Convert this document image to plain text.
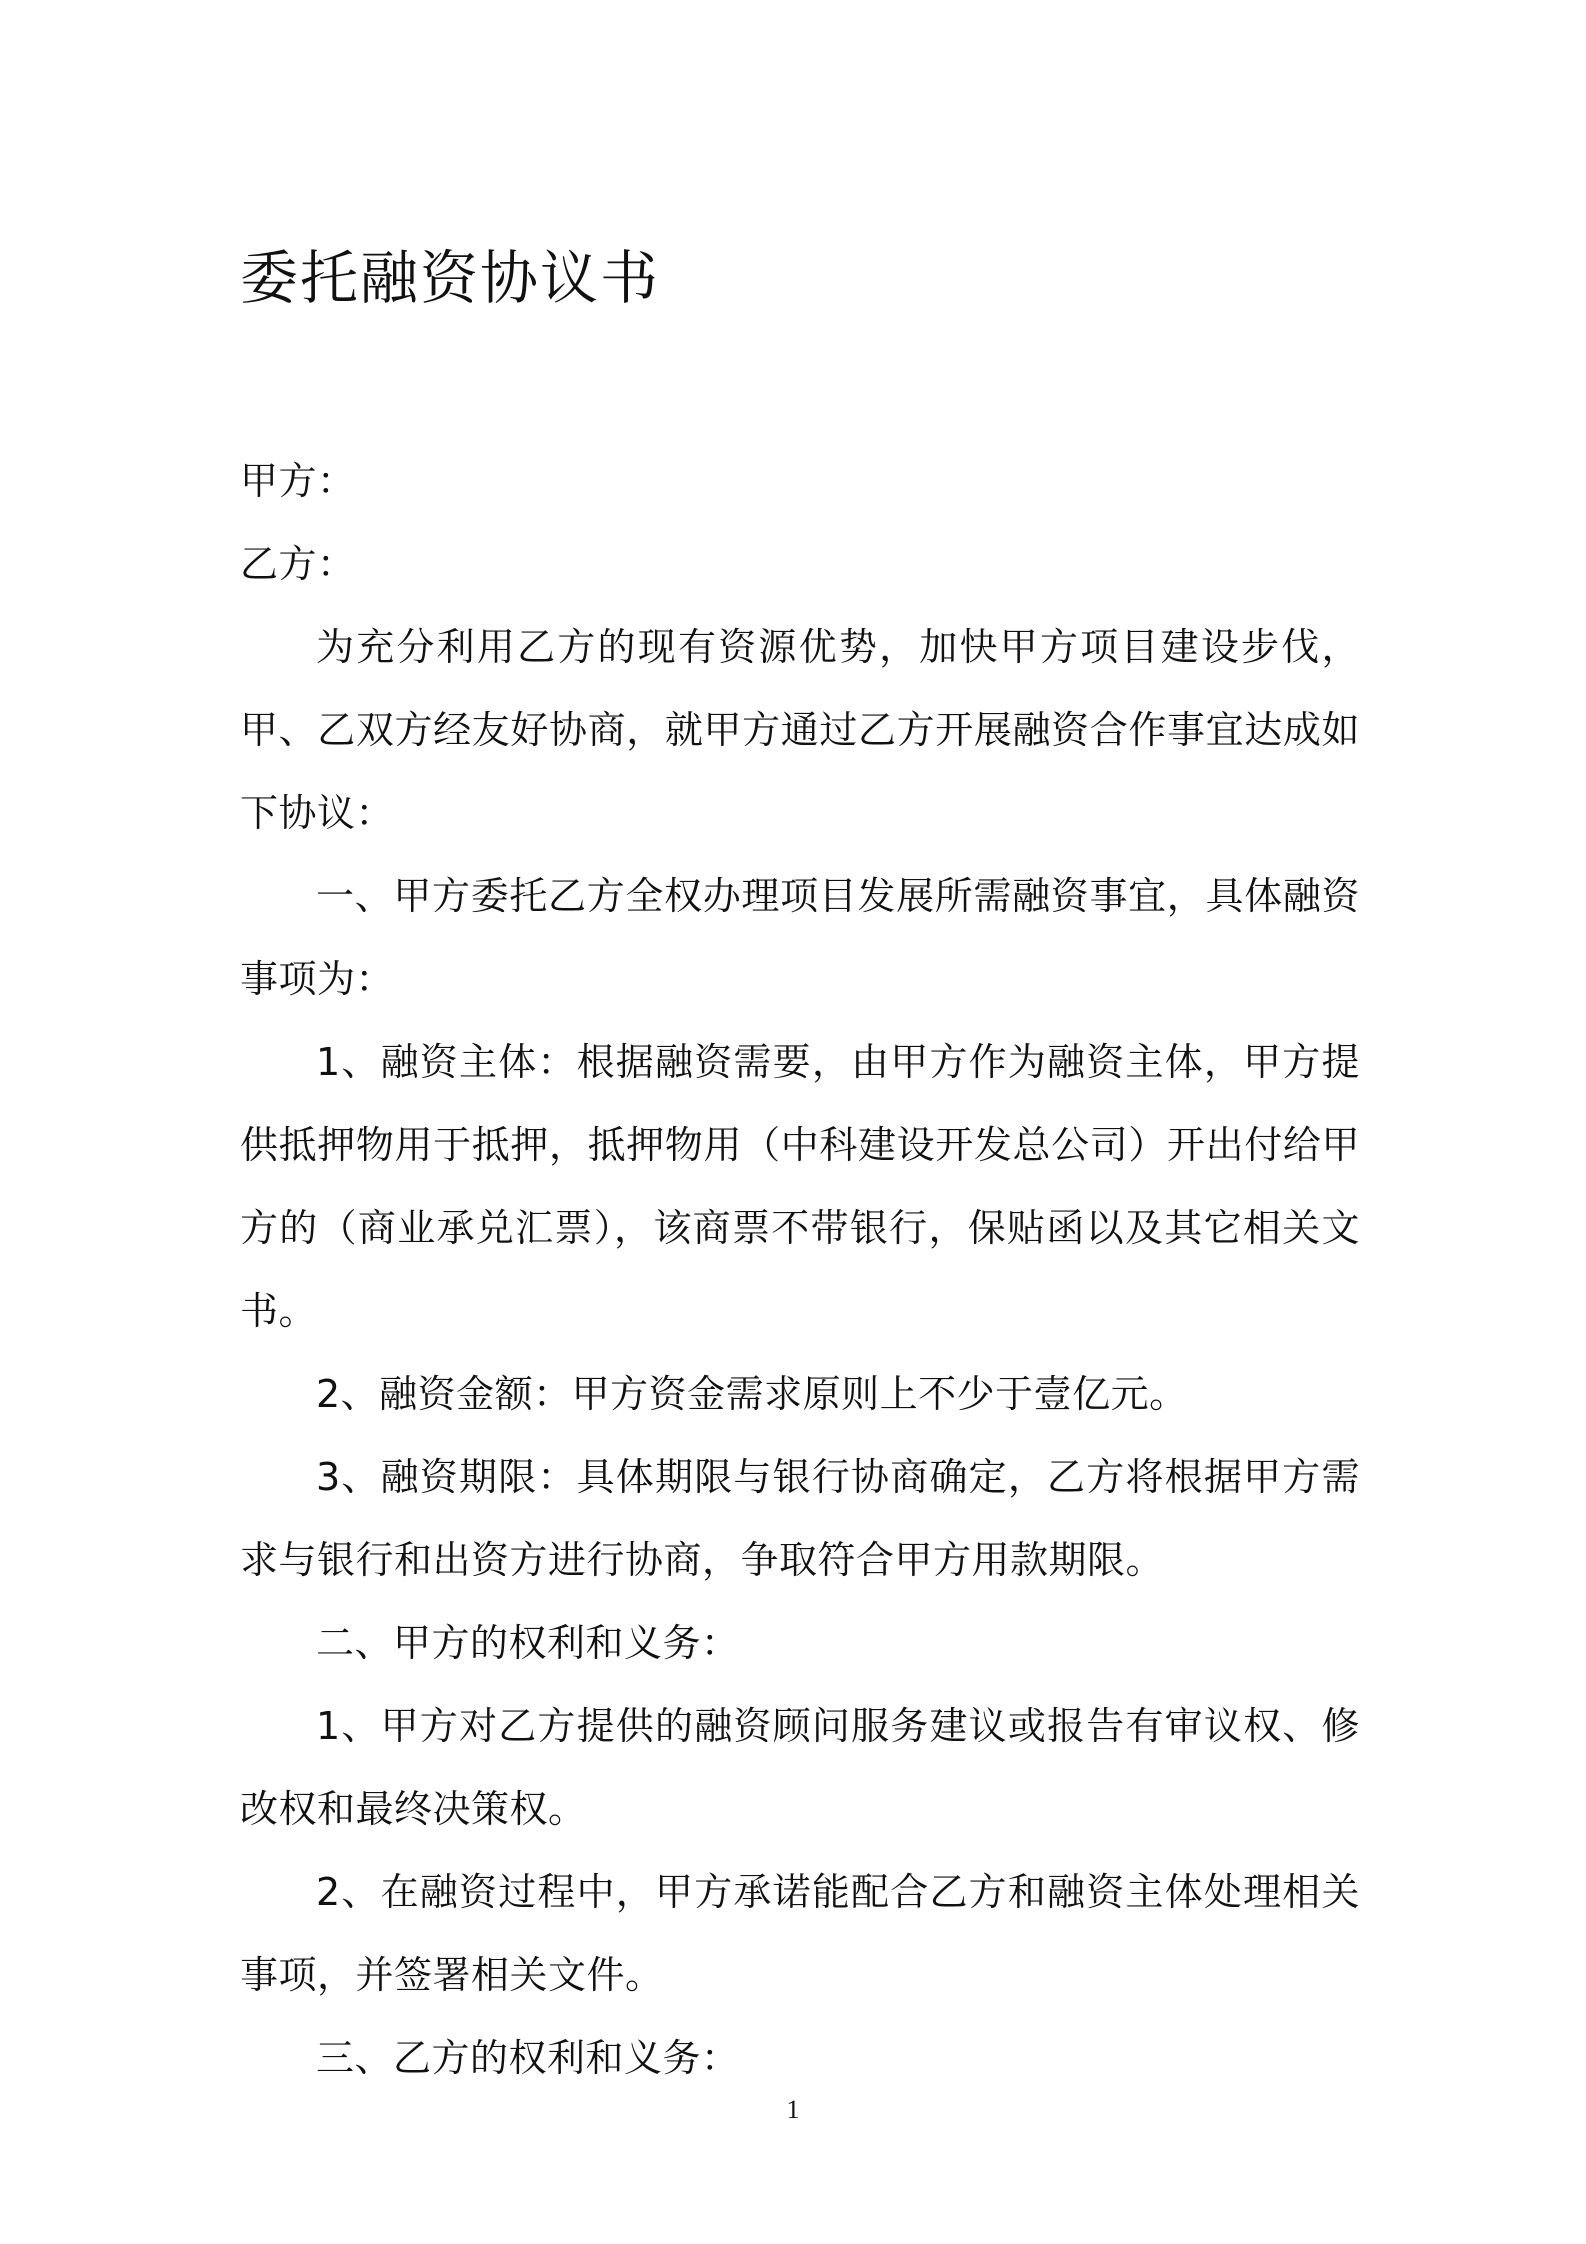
委托融资协议书

甲方：

乙方：

为充分利用乙方的现有资源优势，加快甲方项目建设步伐，甲、乙双方经友好协商，就甲方通过乙方开展融资合作事宜达成如下协议：

一、甲方委托乙方全权办理项目发展所需融资事宜，具体融资事项为：

1、融资主体：根据融资需要，由甲方作为融资主体，甲方提供抵押物用于抵押，抵押物用（中科建设开发总公司）开出付给甲方的（商业承兑汇票），该商票不带银行，保贴函以及其它相关文书。

2、融资金额：甲方资金需求原则上不少于壹亿元。

3、融资期限：具体期限与银行协商确定，乙方将根据甲方需求与银行和出资方进行协商，争取符合甲方用款期限。

二、甲方的权利和义务：

1、甲方对乙方提供的融资顾问服务建议或报告有审议权、修改权和最终决策权。

2、在融资过程中，甲方承诺能配合乙方和融资主体处理相关事项，并签署相关文件。

三、乙方的权利和义务：

1
